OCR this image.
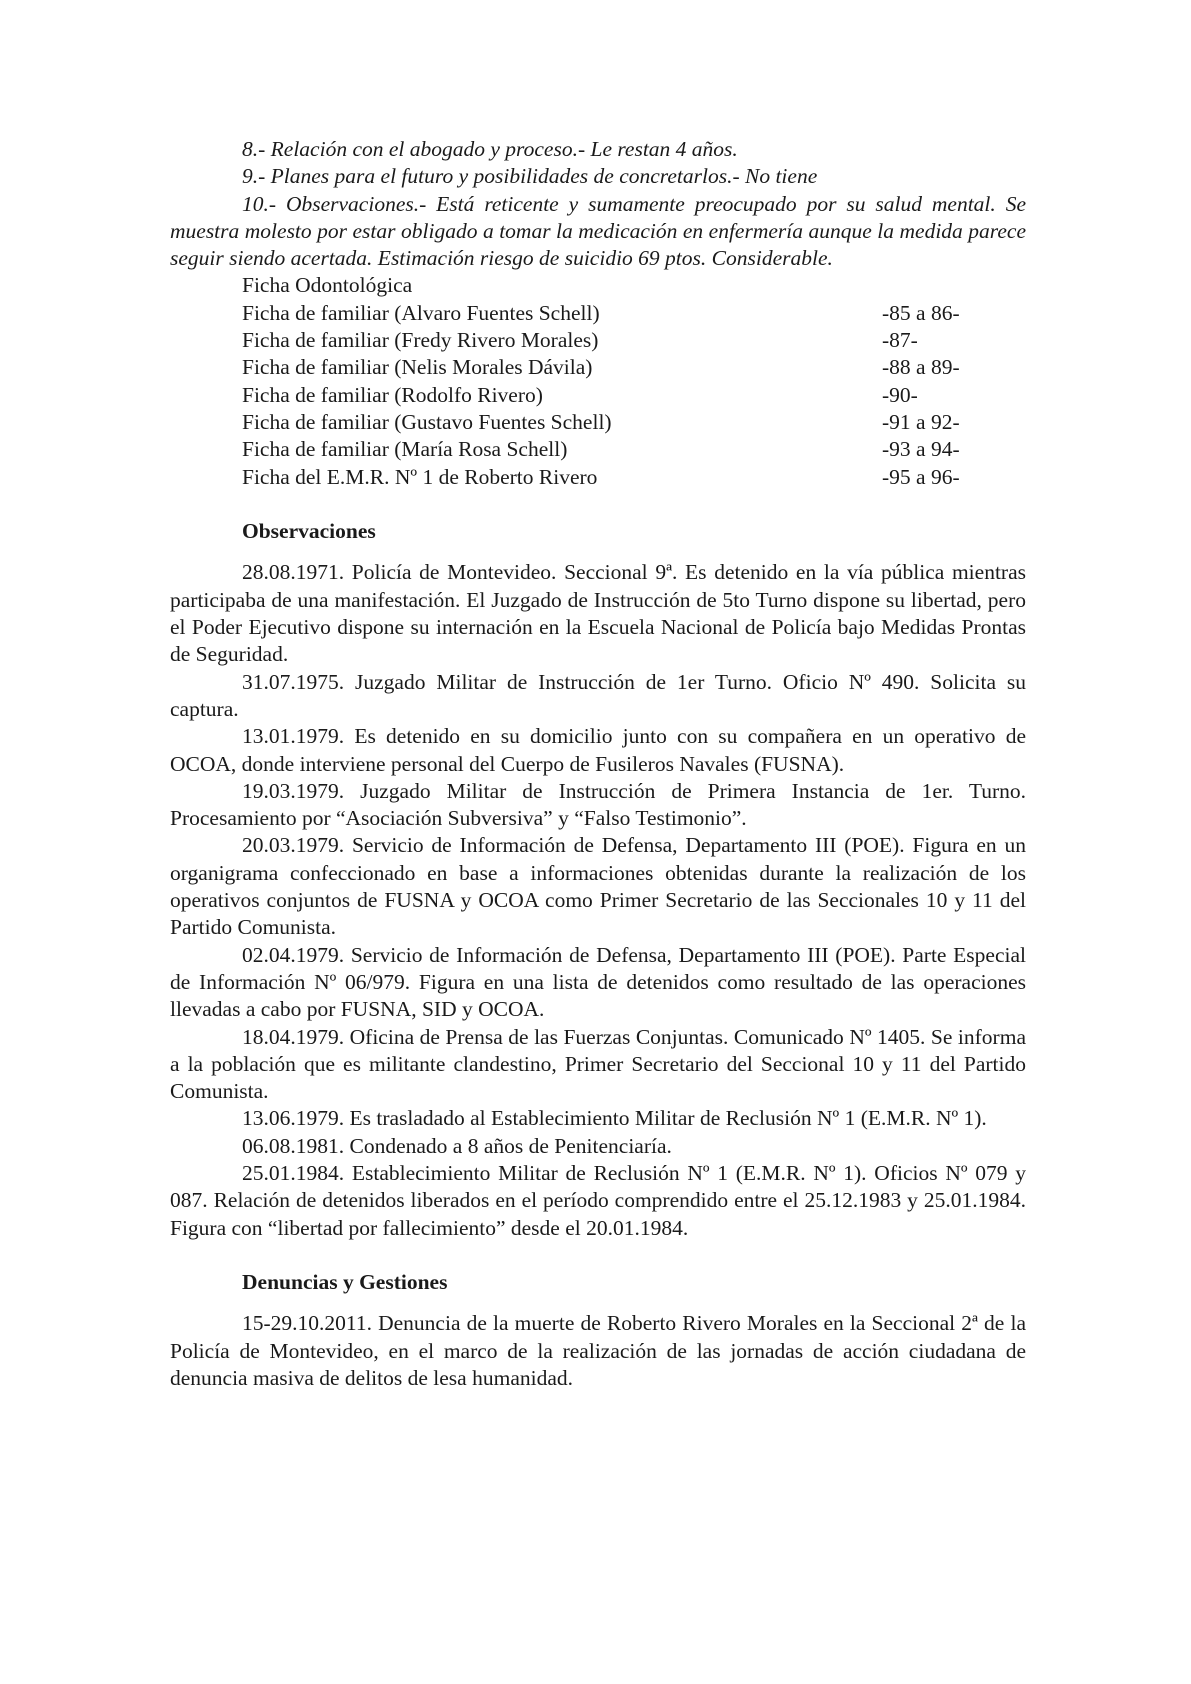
8.- Relación con el abogado y proceso.- Le restan 4 años.

9.- Planes para el futuro y posibilidades de concretarlos.- No tiene

10.- Observaciones.- Está reticente y sumamente preocupado por su salud mental. Se muestra molesto por estar obligado a tomar la medicación en enfermería aunque la medida parece seguir siendo acertada. Estimación riesgo de suicidio 69 ptos. Considerable.

Ficha Odontológica

Ficha de familiar (Alvaro Fuentes Schell)	-85 a 86-
Ficha de familiar (Fredy Rivero Morales)	-87-
Ficha de familiar (Nelis Morales Dávila)	-88 a 89-
Ficha de familiar (Rodolfo Rivero)	-90-
Ficha de familiar (Gustavo Fuentes Schell)	-91 a 92-
Ficha de familiar (María Rosa Schell)	-93 a 94-
Ficha del E.M.R. Nº 1 de Roberto Rivero	-95 a 96-

Observaciones

28.08.1971. Policía de Montevideo. Seccional 9ª. Es detenido en la vía pública mientras participaba de una manifestación. El Juzgado de Instrucción de 5to Turno dispone su libertad, pero el Poder Ejecutivo dispone su internación en la Escuela Nacional de Policía bajo Medidas Prontas de Seguridad.

31.07.1975. Juzgado Militar de Instrucción de 1er Turno. Oficio Nº 490. Solicita su captura.

13.01.1979. Es detenido en su domicilio junto con su compañera en un operativo de OCOA, donde interviene personal del Cuerpo de Fusileros Navales (FUSNA).

19.03.1979. Juzgado Militar de Instrucción de Primera Instancia de 1er. Turno. Procesamiento por “Asociación Subversiva” y “Falso Testimonio”.

20.03.1979. Servicio de Información de Defensa, Departamento III (POE). Figura en un organigrama confeccionado en base a informaciones obtenidas durante la realización de los operativos conjuntos de FUSNA y OCOA como Primer Secretario de las Seccionales 10 y 11 del Partido Comunista.

02.04.1979. Servicio de Información de Defensa, Departamento III (POE). Parte Especial de Información Nº 06/979. Figura en una lista de detenidos como resultado de las operaciones llevadas a cabo por FUSNA, SID y OCOA.

18.04.1979. Oficina de Prensa de las Fuerzas Conjuntas. Comunicado Nº 1405. Se informa a la población que es militante clandestino, Primer Secretario del Seccional 10 y 11 del Partido Comunista.

13.06.1979. Es trasladado al Establecimiento Militar de Reclusión Nº 1 (E.M.R. Nº 1).

06.08.1981. Condenado a 8 años de Penitenciaría.

25.01.1984. Establecimiento Militar de Reclusión Nº 1 (E.M.R. Nº 1). Oficios Nº 079 y 087. Relación de detenidos liberados en el período comprendido entre el 25.12.1983 y 25.01.1984. Figura con “libertad por fallecimiento” desde el 20.01.1984.

Denuncias y Gestiones

15-29.10.2011. Denuncia de la muerte de Roberto Rivero Morales en la Seccional 2ª de la Policía de Montevideo, en el marco de la realización de las jornadas de acción ciudadana de denuncia masiva de delitos de lesa humanidad.
